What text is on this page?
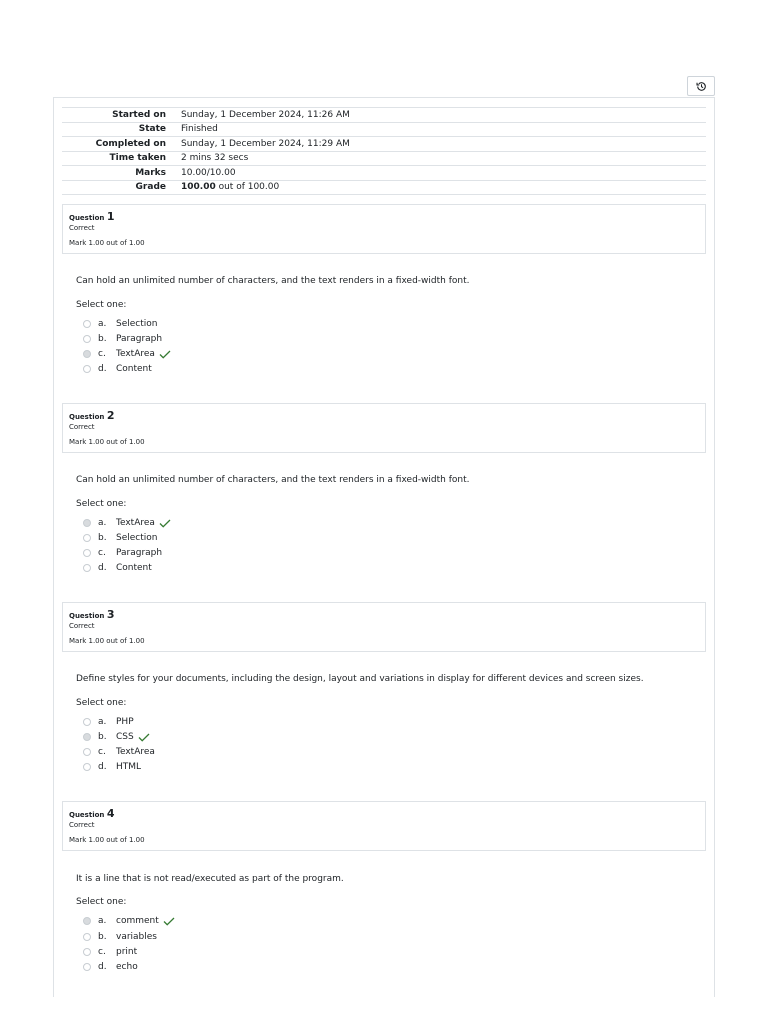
Started on	Sunday, 1 December 2024, 11:26 AM
State	Finished
Completed on	Sunday, 1 December 2024, 11:29 AM
Time taken	2 mins 32 secs
Marks	10.00/10.00
Grade	100.00 out of 100.00
Question 1
Correct
Mark 1.00 out of 1.00
Can hold an unlimited number of characters, and the text renders in a fixed-width font.
Select one:
a.	Selection
b.	Paragraph
c.	TextArea
d.	Content
Question 2
Correct
Mark 1.00 out of 1.00
Can hold an unlimited number of characters, and the text renders in a fixed-width font.
Select one:
a.	TextArea
b.	Selection
c.	Paragraph
d.	Content
Question 3
Correct
Mark 1.00 out of 1.00
Define styles for your documents, including the design, layout and variations in display for different devices and screen sizes.
Select one:
a.	PHP
b.	CSS
c.	TextArea
d.	HTML
Question 4
Correct
Mark 1.00 out of 1.00
It is a line that is not read/executed as part of the program.
Select one:
a.	comment
b.	variables
c.	print
d.	echo
